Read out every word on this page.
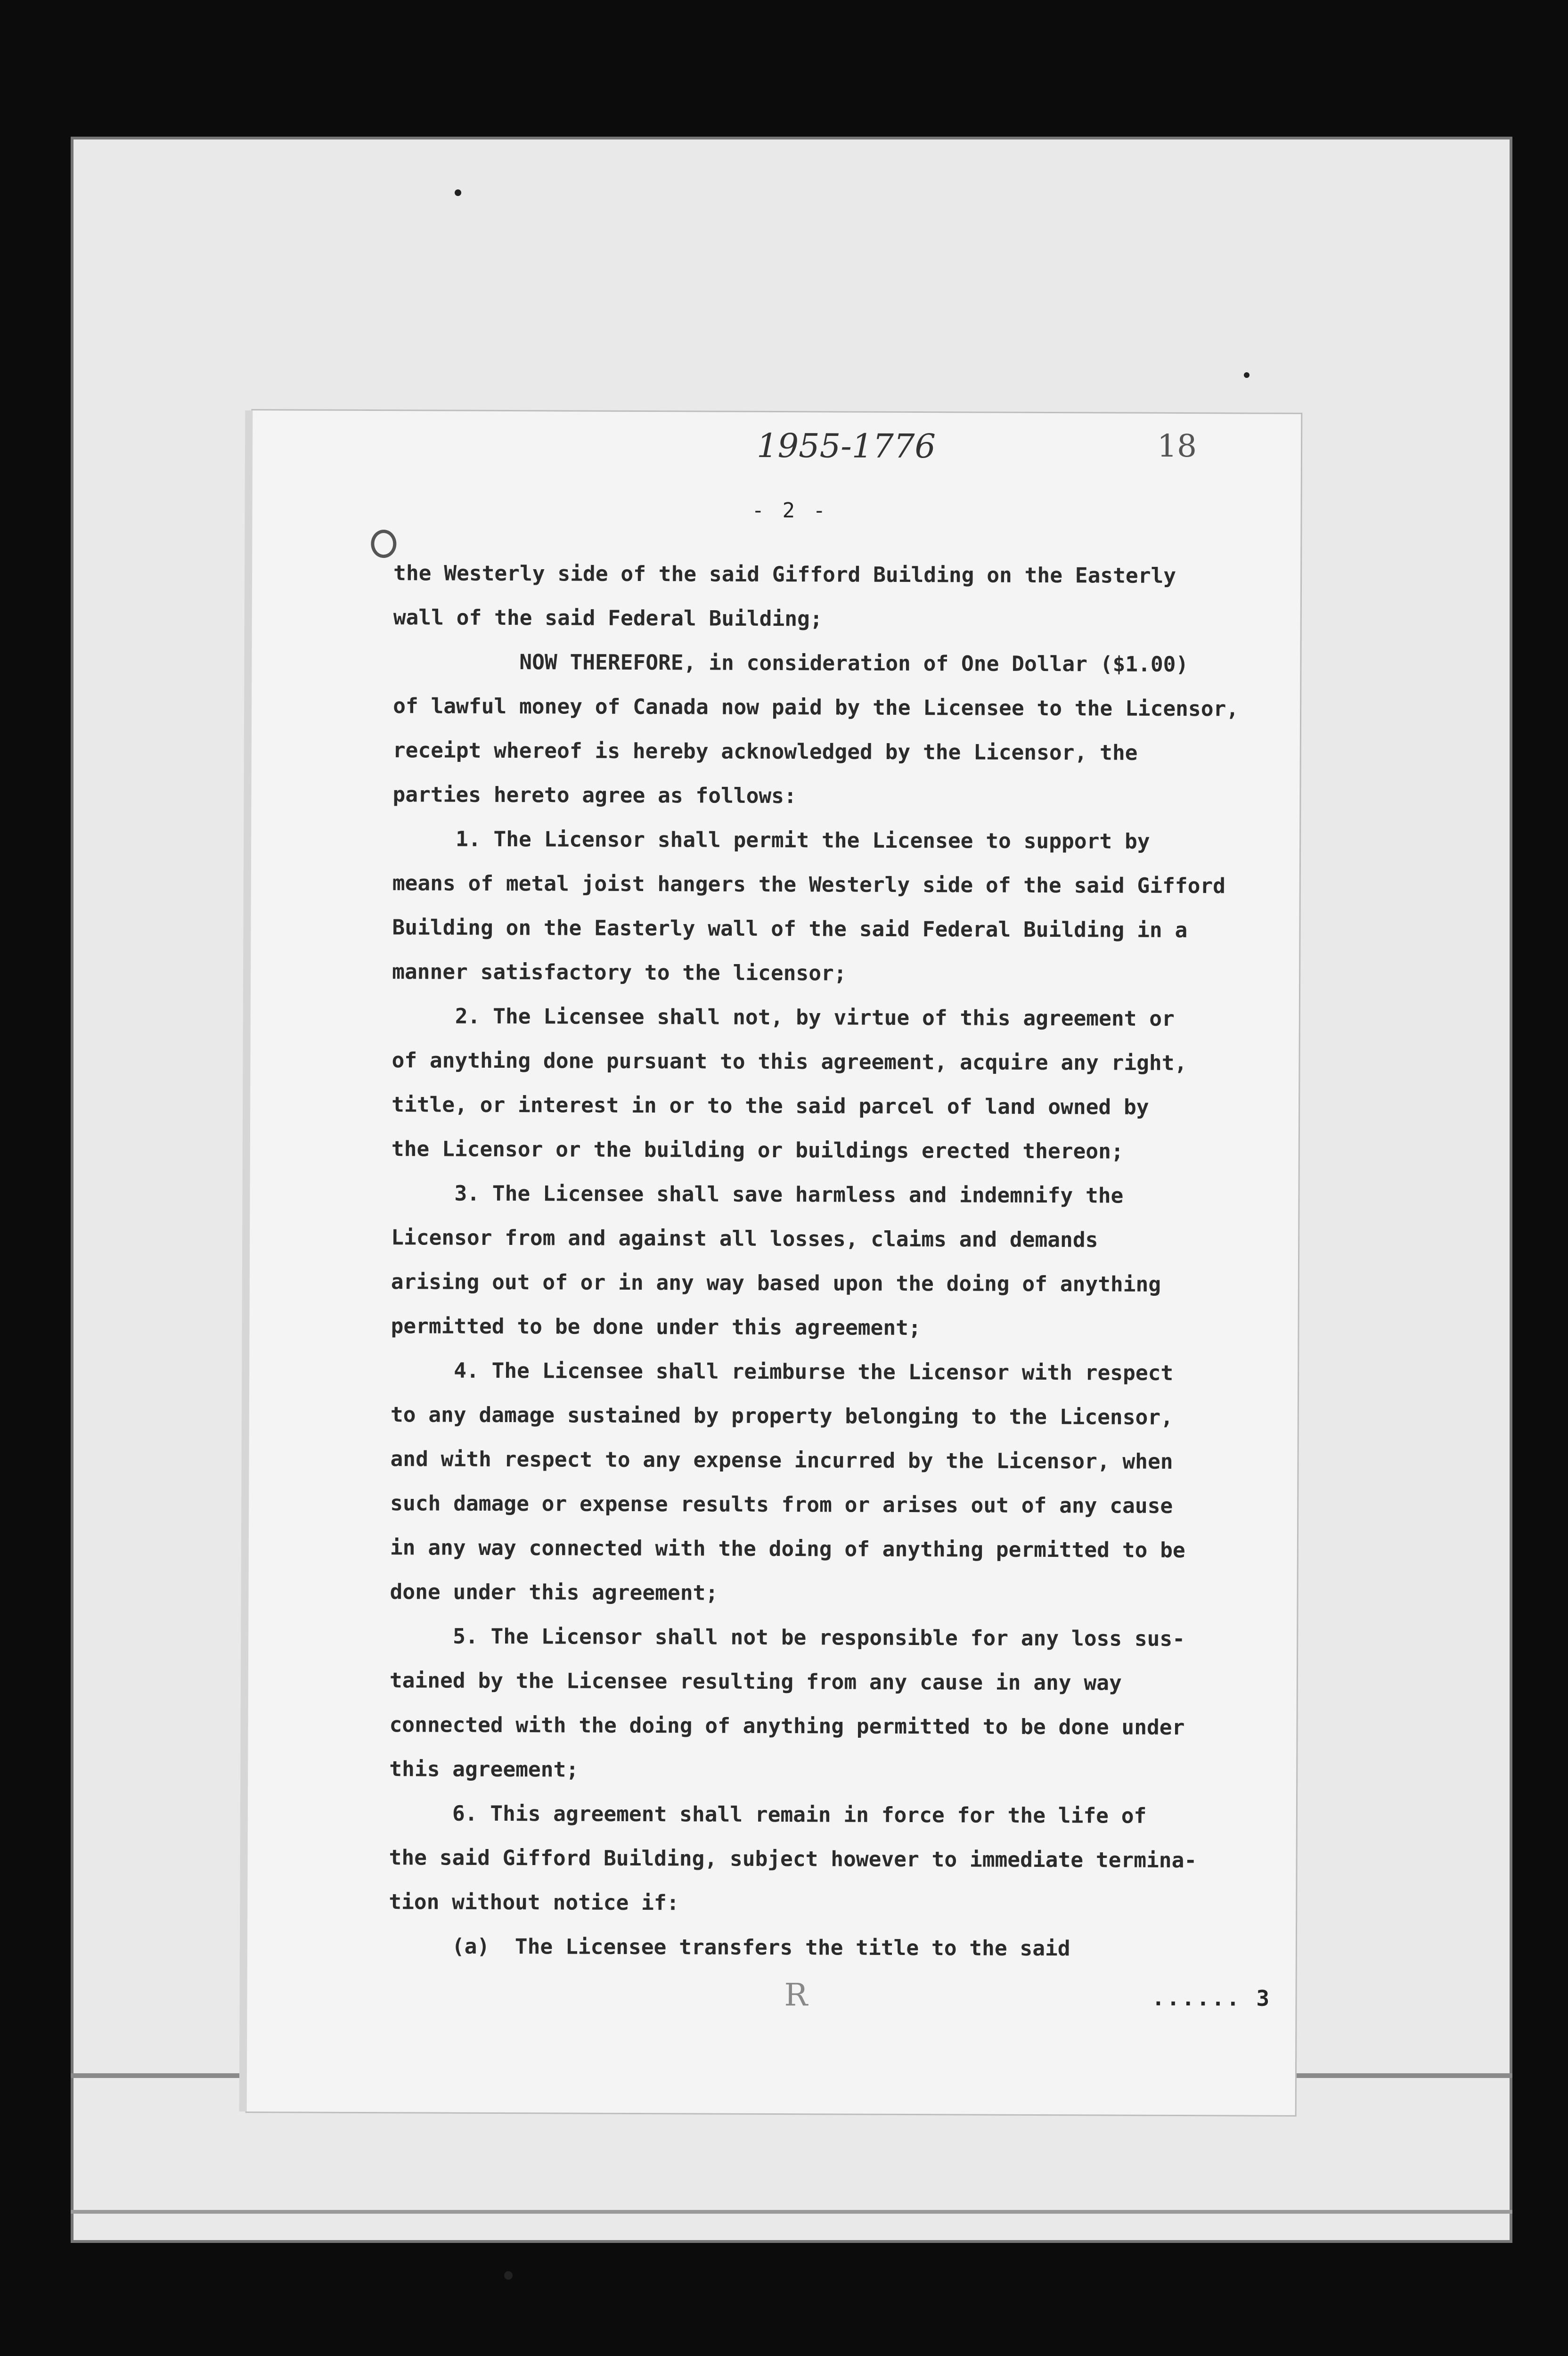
1955-1776	18
- 2 -
the Westerly side of the said Gifford Building on the Easterly
wall of the said Federal Building;
NOW THEREFORE, in consideration of One Dollar ($1.00)
of lawful money of Canada now paid by the Licensee to the Licensor,
receipt whereof is hereby acknowledged by the Licensor, the
parties hereto agree as follows:
1. The Licensor shall permit the Licensee to support by
means of metal joist hangers the Westerly side of the said Gifford
Building on the Easterly wall of the said Federal Building in a
manner satisfactory to the licensor;
2. The Licensee shall not, by virtue of this agreement or
of anything done pursuant to this agreement, acquire any right,
title, or interest in or to the said parcel of land owned by
the Licensor or the building or buildings erected thereon;
3. The Licensee shall save harmless and indemnify the
Licensor from and against all losses, claims and demands
arising out of or in any way based upon the doing of anything
permitted to be done under this agreement;
4. The Licensee shall reimburse the Licensor with respect
to any damage sustained by property belonging to the Licensor,
and with respect to any expense incurred by the Licensor, when
such damage or expense results from or arises out of any cause
in any way connected with the doing of anything permitted to be
done under this agreement;
5. The Licensor shall not be responsible for any loss sus-
tained by the Licensee resulting from any cause in any way
connected with the doing of anything permitted to be done under
this agreement;
6. This agreement shall remain in force for the life of
the said Gifford Building, subject however to immediate termina-
tion without notice if:
(a)  The Licensee transfers the title to the said
R	...... 3
